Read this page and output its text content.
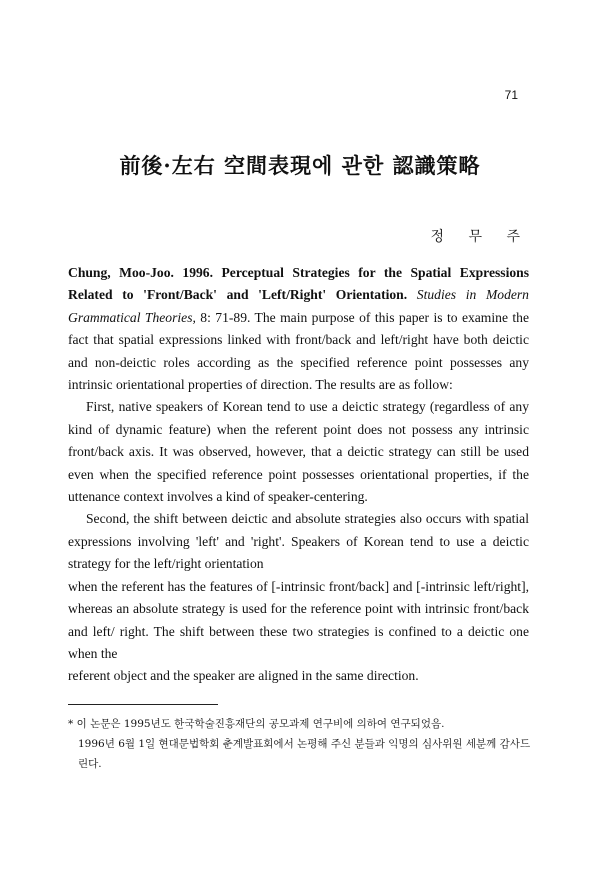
71
前後·左右 空間表現에 관한 認識策略
정 무 주

Chung, Moo-Joo. 1996. Perceptual Strategies for the Spatial Expressions Related to 'Front/Back' and 'Left/Right' Orientation. Studies in Modern Grammatical Theories, 8: 71-89. The main purpose of this paper is to examine the fact that spatial expressions linked with front/back and left/right have both deictic and non-deictic roles according as the specified reference point possesses any intrinsic orientational properties of direction. The results are as follow:

First, native speakers of Korean tend to use a deictic strategy (regardless of any kind of dynamic feature) when the referent point does not possess any intrinsic front/back axis. It was observed, however, that a deictic strategy can still be used even when the specified reference point possesses orientational properties, if the uttenance context involves a kind of speaker-centering.

Second, the shift between deictic and absolute strategies also occurs with spatial expressions involving 'left' and 'right'. Speakers of Korean tend to use a deictic strategy for the left/right orientation

when the referent has the features of [-intrinsic front/back] and [-intrinsic left/right], whereas an absolute strategy is used for the reference point with intrinsic front/back and left/ right. The shift between these two strategies is confined to a deictic one when the

referent object and the speaker are aligned in the same direction.

* 이 논문은 1995년도 한국학술진흥재단의 공모과제 연구비에 의하여 연구되었음.

1996년 6월 1일 현대문법학회 춘계발표회에서 논평해 주신 분들과 익명의 심사위원 세분께 감사드린다.
